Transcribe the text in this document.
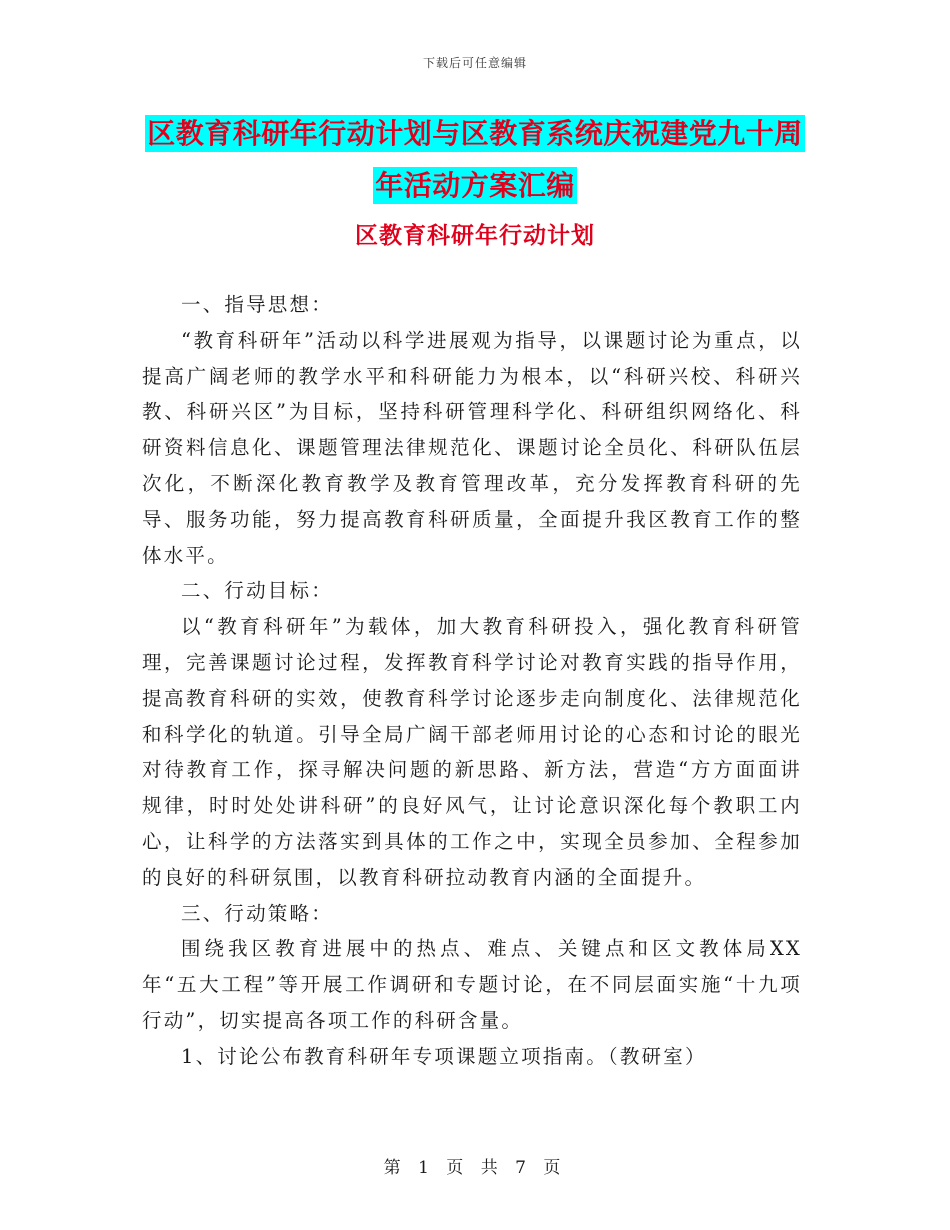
下载后可任意编辑
区教育科研年行动计划与区教育系统庆祝建党九十周
年活动方案汇编
区教育科研年行动计划

一、指导思想：

“教育科研年”活动以科学进展观为指导，以课题讨论为重点，以提高广阔老师的教学水平和科研能力为根本，以“科研兴校、科研兴教、科研兴区”为目标，坚持科研管理科学化、科研组织网络化、科研资料信息化、课题管理法律规范化、课题讨论全员化、科研队伍层次化，不断深化教育教学及教育管理改革，充分发挥教育科研的先导、服务功能，努力提高教育科研质量，全面提升我区教育工作的整体水平。

二、行动目标：

以“教育科研年”为载体，加大教育科研投入，强化教育科研管理，完善课题讨论过程，发挥教育科学讨论对教育实践的指导作用，提高教育科研的实效，使教育科学讨论逐步走向制度化、法律规范化和科学化的轨道。引导全局广阔干部老师用讨论的心态和讨论的眼光对待教育工作，探寻解决问题的新思路、新方法，营造“方方面面讲规律，时时处处讲科研”的良好风气，让讨论意识深化每个教职工内心，让科学的方法落实到具体的工作之中，实现全员参加、全程参加的良好的科研氛围，以教育科研拉动教育内涵的全面提升。

三、行动策略：

围绕我区教育进展中的热点、难点、关键点和区文教体局XX年“五大工程”等开展工作调研和专题讨论，在不同层面实施“十九项行动”，切实提高各项工作的科研含量。

1、讨论公布教育科研年专项课题立项指南。（教研室）

第 1 页 共 7 页
